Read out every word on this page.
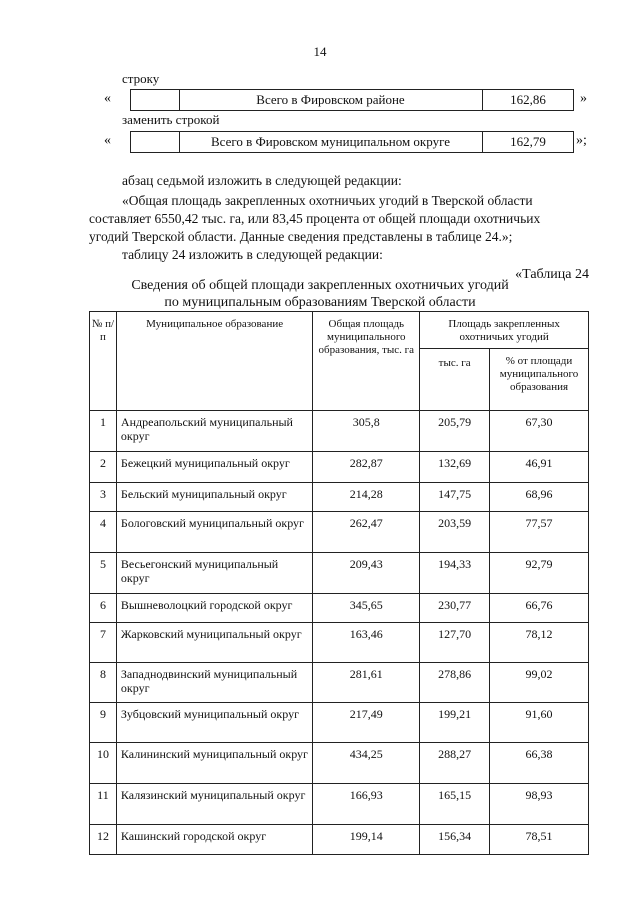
14
строку
«	Всего в Фировском районе	162,86	»
заменить строкой
«	Всего в Фировском муниципальном округе	162,79	»;
абзац седьмой изложить в следующей редакции:
«Общая площадь закрепленных охотничьих угодий в Тверской области
составляет 6550,42 тыс. га, или 83,45 процента от общей площади охотничьих
угодий Тверской области. Данные сведения представлены в таблице 24.»;
таблицу 24 изложить в следующей редакции:
«Таблица 24
Сведения об общей площади закрепленных охотничьих угодий
по муниципальным образованиям Тверской области
№ п/п	Муниципальное образование	Общая площадь муниципального образования, тыс. га	Площадь закрепленных охотничьих угодий	
			тыс. га	% от площади муниципального образования
1	Андреапольский муниципальный округ	305,8	205,79	67,30
2	Бежецкий муниципальный округ	282,87	132,69	46,91
3	Бельский муниципальный округ	214,28	147,75	68,96
4	Бологовский муниципальный округ	262,47	203,59	77,57
5	Весьегонский муниципальный округ	209,43	194,33	92,79
6	Вышневолоцкий городской округ	345,65	230,77	66,76
7	Жарковский муниципальный округ	163,46	127,70	78,12
8	Западнодвинский муниципальный округ	281,61	278,86	99,02
9	Зубцовский муниципальный округ	217,49	199,21	91,60
10	Калининский муниципальный округ	434,25	288,27	66,38
11	Калязинский муниципальный округ	166,93	165,15	98,93
12	Кашинский городской округ	199,14	156,34	78,51
